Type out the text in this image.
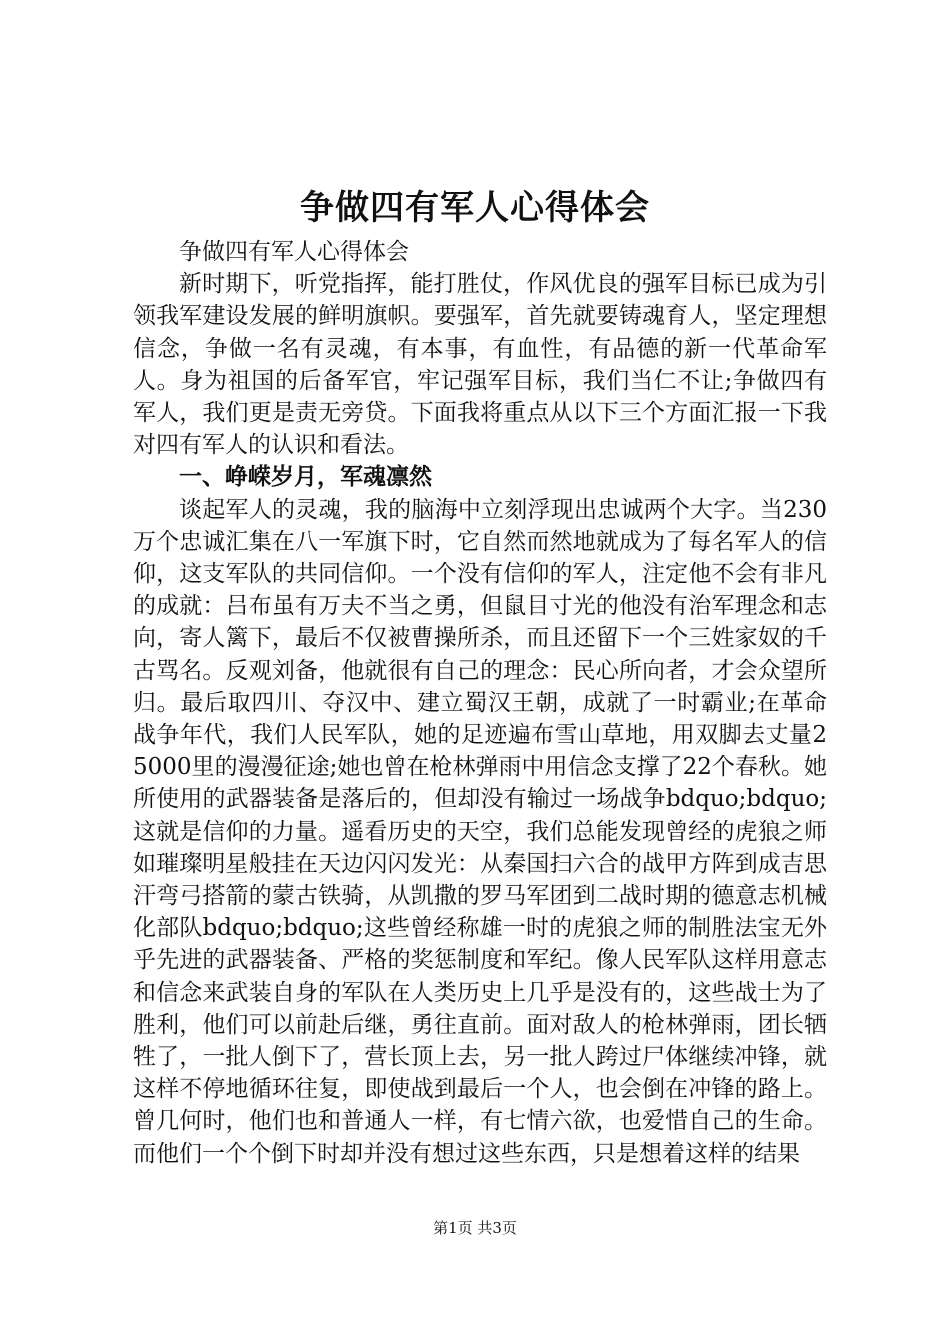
争做四有军人心得体会

争做四有军人心得体会

新时期下，听党指挥，能打胜仗，作风优良的强军目标已成为引领我军建设发展的鲜明旗帜。要强军，首先就要铸魂育人，坚定理想信念，争做一名有灵魂，有本事，有血性，有品德的新一代革命军人。身为祖国的后备军官，牢记强军目标，我们当仁不让;争做四有军人，我们更是责无旁贷。下面我将重点从以下三个方面汇报一下我对四有军人的认识和看法。

一、峥嵘岁月，军魂凛然

谈起军人的灵魂，我的脑海中立刻浮现出忠诚两个大字。当230万个忠诚汇集在八一军旗下时，它自然而然地就成为了每名军人的信仰，这支军队的共同信仰。一个没有信仰的军人，注定他不会有非凡的成就：吕布虽有万夫不当之勇，但鼠目寸光的他没有治军理念和志向，寄人篱下，最后不仅被曹操所杀，而且还留下一个三姓家奴的千古骂名。反观刘备，他就很有自己的理念：民心所向者，才会众望所归。最后取四川、夺汉中、建立蜀汉王朝，成就了一时霸业;在革命战争年代，我们人民军队，她的足迹遍布雪山草地，用双脚去丈量25000里的漫漫征途;她也曾在枪林弹雨中用信念支撑了22个春秋。她所使用的武器装备是落后的，但却没有输过一场战争bdquo;bdquo;这就是信仰的力量。遥看历史的天空，我们总能发现曾经的虎狼之师如璀璨明星般挂在天边闪闪发光：从秦国扫六合的战甲方阵到成吉思汗弯弓搭箭的蒙古铁骑，从凯撒的罗马军团到二战时期的德意志机械化部队bdquo;bdquo;这些曾经称雄一时的虎狼之师的制胜法宝无外乎先进的武器装备、严格的奖惩制度和军纪。像人民军队这样用意志和信念来武装自身的军队在人类历史上几乎是没有的，这些战士为了胜利，他们可以前赴后继，勇往直前。面对敌人的枪林弹雨，团长牺牲了，一批人倒下了，营长顶上去，另一批人跨过尸体继续冲锋，就这样不停地循环往复，即使战到最后一个人，也会倒在冲锋的路上。曾几何时，他们也和普通人一样，有七情六欲，也爱惜自己的生命。而他们一个个倒下时却并没有想过这些东西，只是想着这样的结果

第1页 共3页
